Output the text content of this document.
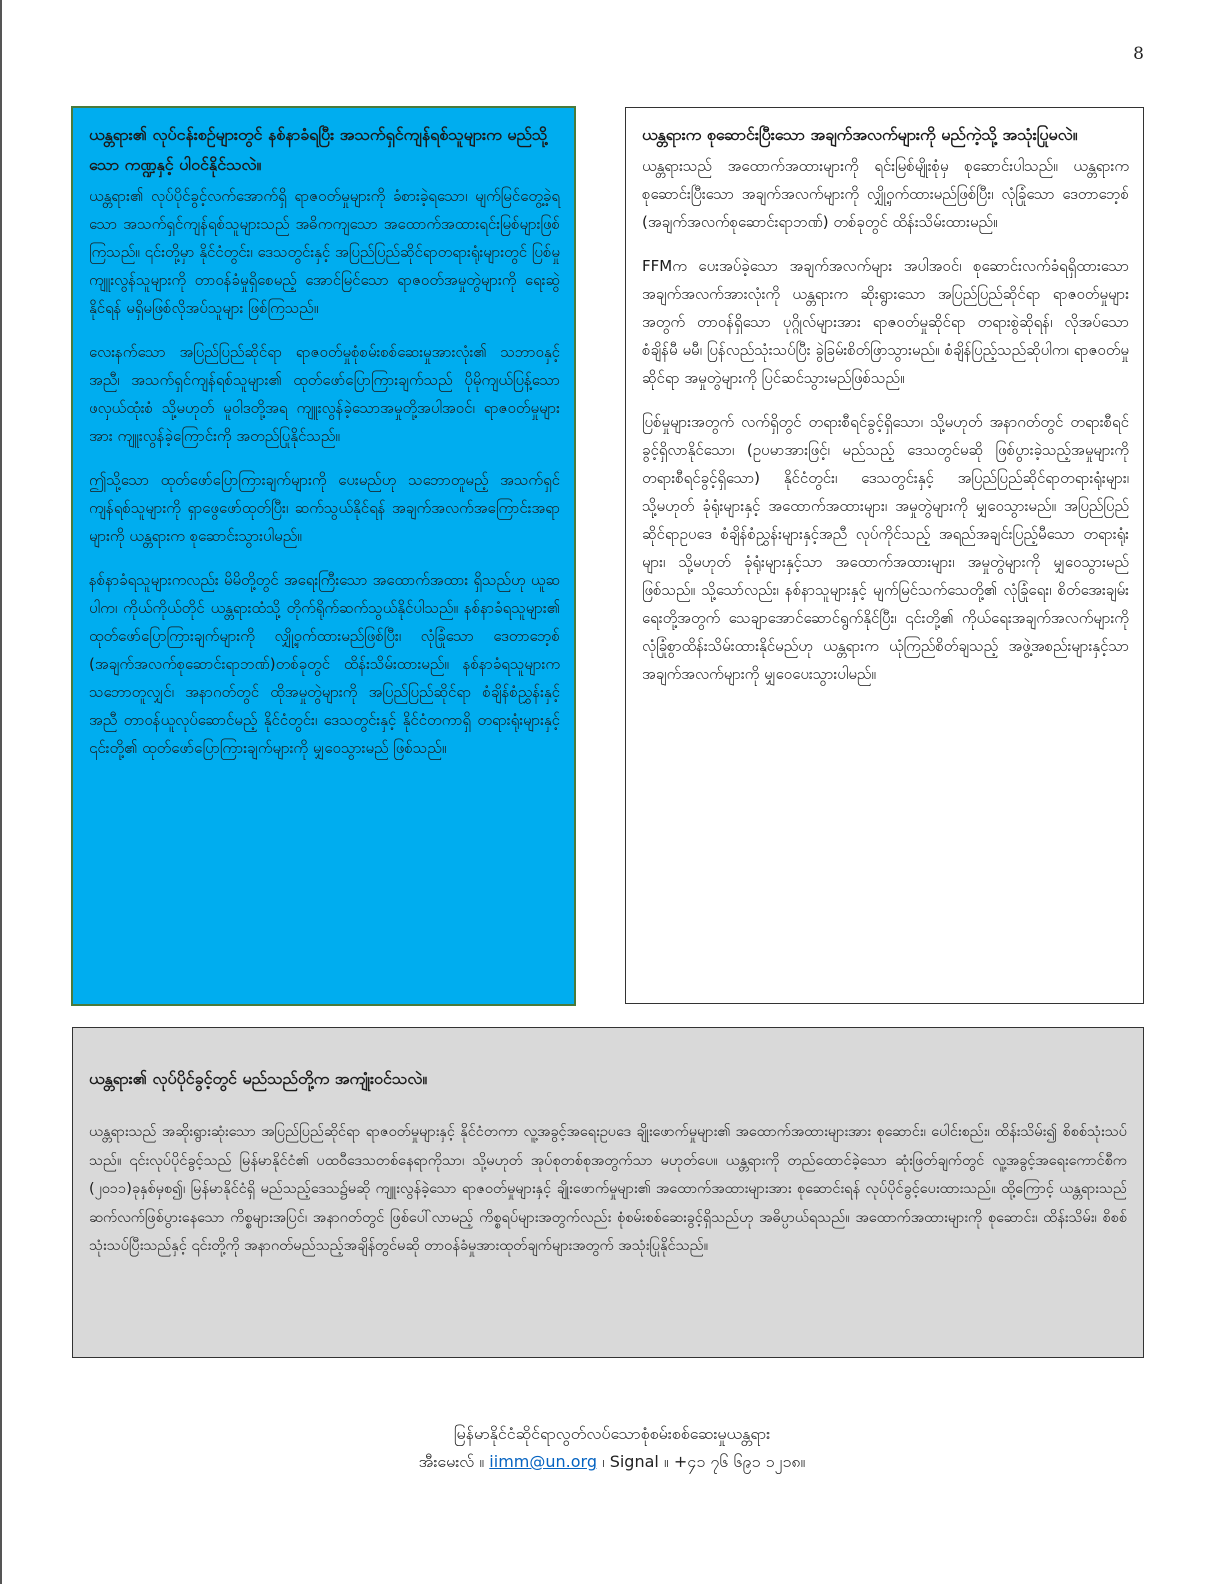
8
ယန္တရား၏ လုပ်ငန်းစဉ်များတွင် နစ်နာခံရပြီး အသက်ရှင်ကျန်ရစ်သူများက မည်သို့သော ကဏ္ဍနှင့် ပါဝင်နိုင်သလဲ။

ယန္တရား၏ လုပ်ပိုင်ခွင့်လက်အောက်ရှိ ရာဇဝတ်မှုများကို ခံစားခဲ့ရသော၊ မျက်မြင်တွေ့ခဲ့ရသော အသက်ရှင်ကျန်ရစ်သူများသည် အဓိကကျသော အထောက်အထားရင်းမြစ်များဖြစ်ကြသည်။ ၎င်းတို့မှာ နိုင်ငံတွင်း၊ ဒေသတွင်းနှင့် အပြည်ပြည်ဆိုင်ရာတရားရုံးများတွင် ပြစ်မှုကျူးလွန်သူများကို တာဝန်ခံမှုရှိစေမည့် အောင်မြင်သော ရာဇဝတ်အမှုတွဲများကို ရေးဆွဲနိုင်ရန် မရှိမဖြစ်လိုအပ်သူများ ဖြစ်ကြသည်။

လေးနက်သော အပြည်ပြည်ဆိုင်ရာ ရာဇဝတ်မှုစုံစမ်းစစ်ဆေးမှုအားလုံး၏ သဘာဝနှင့်အညီ၊ အသက်ရှင်ကျန်ရစ်သူများ၏ ထုတ်ဖော်ပြောကြားချက်သည် ပိုမိုကျယ်ပြန့်သော ဖလှယ်ထုံးစံ သို့မဟုတ် မူဝါဒတို့အရ ကျူးလွန်ခဲ့သောအမှုတို့အပါအဝင်၊ ရာဇဝတ်မှုများအား ကျူးလွန်ခဲ့ကြောင်းကို အတည်ပြုနိုင်သည်။

ဤသို့သော ထုတ်ဖော်ပြောကြားချက်များကို ပေးမည်ဟု သဘောတူမည့် အသက်ရှင်ကျန်ရစ်သူများကို ရှာဖွေဖော်ထုတ်ပြီး၊ ဆက်သွယ်နိုင်ရန် အချက်အလက်အကြောင်းအရာများကို ယန္တရားက စုဆောင်းသွားပါမည်။

နစ်နာခံရသူများကလည်း မိမိတို့တွင် အရေးကြီးသော အထောက်အထား ရှိသည်ဟု ယူဆပါက၊ ကိုယ်ကိုယ်တိုင် ယန္တရားထံသို့ တိုက်ရိုက်ဆက်သွယ်နိုင်ပါသည်။ နစ်နာခံရသူများ၏ ထုတ်ဖော်ပြောကြားချက်များကို လျှို့ဝှက်ထားမည်ဖြစ်ပြီး၊ လုံခြုံသော ဒေတာဘေ့စ် (အချက်အလက်စုဆောင်းရာဘဏ်)တစ်ခုတွင် ထိန်းသိမ်းထားမည်။ နစ်နာခံရသူများက သဘောတူလျှင်၊ အနာဂတ်တွင် ထိုအမှုတွဲများကို အပြည်ပြည်ဆိုင်ရာ စံချိန်စံညွှန်းနှင့်အညီ တာဝန်ယူလုပ်ဆောင်မည့် နိုင်ငံတွင်း၊ ဒေသတွင်းနှင့် နိုင်ငံတကာရှိ တရားရုံးများနှင့် ၎င်းတို့၏ ထုတ်ဖော်ပြောကြားချက်များကို မျှဝေသွားမည် ဖြစ်သည်။

ယန္တရားက စုဆောင်းပြီးသော အချက်အလက်များကို မည်ကဲ့သို့ အသုံးပြုမလဲ။

ယန္တရားသည် အထောက်အထားများကို ရင်းမြစ်မျိုးစုံမှ စုဆောင်းပါသည်။ ယန္တရားက စုဆောင်းပြီးသော အချက်အလက်များကို လျှို့ဝှက်ထားမည်ဖြစ်ပြီး၊ လုံခြုံသော ဒေတာဘေ့စ် (အချက်အလက်စုဆောင်းရာဘဏ်) တစ်ခုတွင် ထိန်းသိမ်းထားမည်။

FFMက ပေးအပ်ခဲ့သော အချက်အလက်များ အပါအဝင်၊ စုဆောင်းလက်ခံရရှိထားသော အချက်အလက်အားလုံးကို ယန္တရားက ဆိုးရွားသော အပြည်ပြည်ဆိုင်ရာ ရာဇဝတ်မှုများအတွက် တာဝန်ရှိသော ပုဂ္ဂိုလ်များအား ရာဇဝတ်မှုဆိုင်ရာ တရားစွဲဆိုရန်၊ လိုအပ်သော စံချိန်မီ မမီ၊ ပြန်လည်သုံးသပ်ပြီး ခွဲခြမ်းစိတ်ဖြာသွားမည်။ စံချိန်ပြည့်သည်ဆိုပါက၊ ရာဇဝတ်မှုဆိုင်ရာ အမှုတွဲများကို ပြင်ဆင်သွားမည်ဖြစ်သည်။

ပြစ်မှုများအတွက် လက်ရှိတွင် တရားစီရင်ခွင့်ရှိသော၊ သို့မဟုတ် အနာဂတ်တွင် တရားစီရင်ခွင့်ရှိလာနိုင်သော၊ (ဥပမာအားဖြင့်၊ မည်သည့် ဒေသတွင်မဆို ဖြစ်ပွားခဲ့သည့်အမှုများကို တရားစီရင်ခွင့်ရှိသော) နိုင်ငံတွင်း၊ ဒေသတွင်းနှင့် အပြည်ပြည်ဆိုင်ရာတရားရုံးများ၊ သို့မဟုတ် ခုံရုံးများနှင့် အထောက်အထားများ၊ အမှုတွဲများကို မျှဝေသွားမည်။ အပြည်ပြည်ဆိုင်ရာဥပဒေ စံချိန်စံညွှန်းများနှင့်အညီ လုပ်ကိုင်သည့် အရည်အချင်းပြည့်မီသော တရားရုံးများ၊ သို့မဟုတ် ခုံရုံးများနှင့်သာ အထောက်အထားများ၊ အမှုတွဲများကို မျှဝေသွားမည်ဖြစ်သည်။ သို့သော်လည်း၊ နစ်နာသူများနှင့် မျက်မြင်သက်သေတို့၏ လုံခြုံရေး၊ စိတ်အေးချမ်းရေးတို့အတွက် သေချာအောင်ဆောင်ရွက်နိုင်ပြီး၊ ၎င်းတို့၏ ကိုယ်ရေးအချက်အလက်များကို လုံခြုံစွာထိန်းသိမ်းထားနိုင်မည်ဟု ယန္တရားက ယုံကြည်စိတ်ချသည့် အဖွဲ့အစည်းများနှင့်သာ အချက်အလက်များကို မျှဝေပေးသွားပါမည်။

ယန္တရား၏ လုပ်ပိုင်ခွင့်တွင် မည်သည်တို့က အကျုံးဝင်သလဲ။

ယန္တရားသည် အဆိုးရွားဆုံးသော အပြည်ပြည်ဆိုင်ရာ ရာဇဝတ်မှုများနှင့် နိုင်ငံတကာ လူ့အခွင့်အရေးဥပဒေ ချိုးဖောက်မှုများ၏ အထောက်အထားများအား စုဆောင်း၊ ပေါင်းစည်း၊ ထိန်းသိမ်း၍ စိစစ်သုံးသပ်သည်။ ၎င်းလုပ်ပိုင်ခွင့်သည် မြန်မာနိုင်ငံ၏ ပထဝီဒေသတစ်နေရာကိုသာ၊ သို့မဟုတ် အုပ်စုတစ်စုအတွက်သာ မဟုတ်ပေ။ ယန္တရားကို တည်ထောင်ခဲ့သော ဆုံးဖြတ်ချက်တွင် လူ့အခွင့်အရေးကောင်စီက (၂၀၁၁)ခုနှစ်မှစ၍၊ မြန်မာနိုင်ငံရှိ မည်သည့်ဒေသ၌မဆို ကျူးလွန်ခဲ့သော ရာဇဝတ်မှုများနှင့် ချိုးဖောက်မှုများ၏ အထောက်အထားများအား စုဆောင်းရန် လုပ်ပိုင်ခွင့်ပေးထားသည်။ ထို့ကြောင့် ယန္တရားသည် ဆက်လက်ဖြစ်ပွားနေသော ကိစ္စများအပြင်၊ အနာဂတ်တွင် ဖြစ်ပေါ်လာမည့် ကိစ္စရပ်များအတွက်လည်း စုံစမ်းစစ်ဆေးခွင့်ရှိသည်ဟု အဓိပ္ပာယ်ရသည်။ အထောက်အထားများကို စုဆောင်း၊ ထိန်းသိမ်း၊ စိစစ်သုံးသပ်ပြီးသည်နှင့် ၎င်းတို့ကို အနာဂတ်မည်သည့်အချိန်တွင်မဆို တာဝန်ခံမှုအားထုတ်ချက်များအတွက် အသုံးပြုနိုင်သည်။

မြန်မာနိုင်ငံဆိုင်ရာလွတ်လပ်သောစုံစမ်းစစ်ဆေးမှုယန္တရား
အီးမေးလ် ။ iimm@un.org ၊ Signal ။ +၄၁ ၇၆ ၆၉၁ ၁၂၁၈။
